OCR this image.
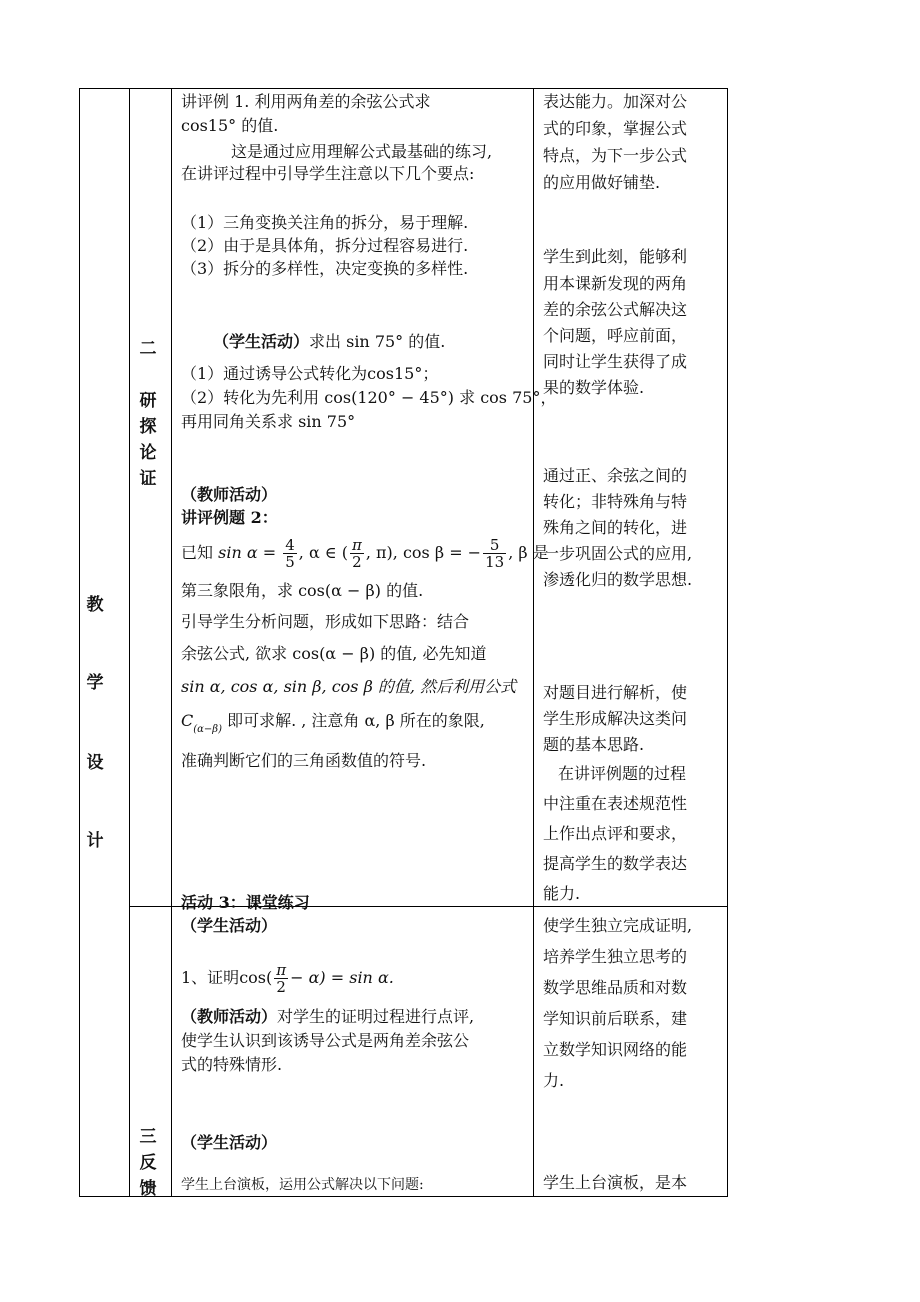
教
学
设
计
二
研
探
论
证
三
反
馈
讲评例 1. 利用两角差的余弦公式求
cos15° 的值.
这是通过应用理解公式最基础的练习,
在讲评过程中引导学生注意以下几个要点:
（1）三角变换关注角的拆分，易于理解.
（2）由于是具体角，拆分过程容易进行.
（3）拆分的多样性，决定变换的多样性.
（学生活动）求出 sin 75° 的值.
（1）通过诱导公式转化为cos15°；
（2）转化为先利用 cos(120° − 45°) 求 cos 75°，
再用同角关系求 sin 75°
（教师活动）
讲评例题 2：
已知 $\sin \alpha = \frac{4}{5}$ , α ∈ ( $\frac{\pi}{2}$ , π), cos β = − $\frac{5}{13}$ , β 是
第三象限角，求 cos(α − β) 的值.
引导学生分析问题，形成如下思路：结合
余弦公式, 欲求 cos(α − β) 的值, 必先知道
sin α, cos α, sin β, cos β 的值, 然后利用公式
$C_{(\alpha-\beta)}$ 即可求解. , 注意角 α, β 所在的象限,
准确判断它们的三角函数值的符号.
表达能力。加深对公
式的印象，掌握公式
特点，为下一步公式
的应用做好铺垫.
学生到此刻，能够利
用本课新发现的两角
差的余弦公式解决这
个问题，呼应前面，
同时让学生获得了成
果的数学体验.
通过正、余弦之间的
转化；非特殊角与特
殊角之间的转化，进
一步巩固公式的应用,
渗透化归的数学思想.
对题目进行解析，使
学生形成解决这类问
题的基本思路.
在讲评例题的过程
中注重在表述规范性
上作出点评和要求，
提高学生的数学表达
能力.
活动 3：课堂练习
（学生活动）
1、证明$\cos( \frac{\pi}{2} - \alpha) = \sin \alpha$.
（教师活动）对学生的证明过程进行点评,
使学生认识到该诱导公式是两角差余弦公
式的特殊情形.
（学生活动）
学生上台演板，运用公式解决以下问题:
使学生独立完成证明,
培养学生独立思考的
数学思维品质和对数
学知识前后联系，建
立数学知识网络的能
力.
学生上台演板，是本
